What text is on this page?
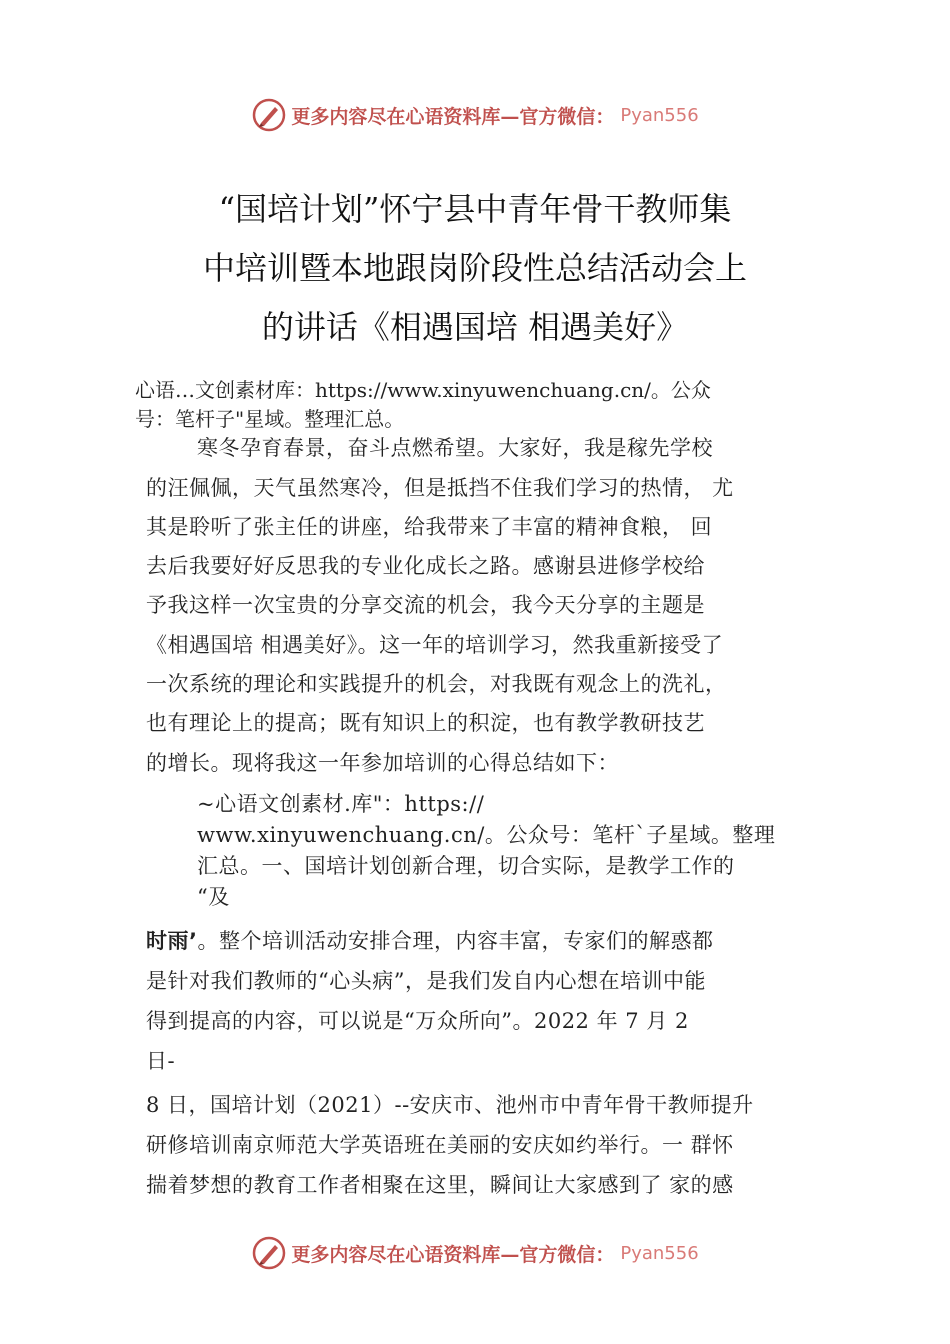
更多内容尽在心语资料库—官方微信： Pyan556
“国培计划”怀宁县中青年骨干教师集
中培训暨本地跟岗阶段性总结活动会上
的讲话《相遇国培 相遇美好》
心语…文创素材库：https://www.xinyuwenchuang.cn/。公众
号：笔杆子"星域。整理汇总。
寒冬孕育春景，奋斗点燃希望。大家好，我是稼先学校
的汪佩佩，天气虽然寒冷，但是抵挡不住我们学习的热情， 尤
其是聆听了张主任的讲座，给我带来了丰富的精神食粮， 回
去后我要好好反思我的专业化成长之路。感谢县进修学校给
予我这样一次宝贵的分享交流的机会，我今天分享的主题是
《相遇国培 相遇美好》。这一年的培训学习，然我重新接受了
一次系统的理论和实践提升的机会，对我既有观念上的洗礼，
也有理论上的提高；既有知识上的积淀，也有教学教研技艺
的增长。现将我这一年参加培训的心得总结如下：
~心语文创素材.库"：https://
www.xinyuwenchuang.cn/。公众号：笔杆`子星域。整理
汇总。一、国培计划创新合理，切合实际，是教学工作的
“及
时雨’。整个培训活动安排合理，内容丰富，专家们的解惑都
是针对我们教师的“心头病”，是我们发自内心想在培训中能
得到提高的内容，可以说是“万众所向”。2022 年 7 月 2
日-
8 日，国培计划（2021）--安庆市、池州市中青年骨干教师提升
研修培训南京师范大学英语班在美丽的安庆如约举行。一 群怀
揣着梦想的教育工作者相聚在这里，瞬间让大家感到了 家的感
更多内容尽在心语资料库—官方微信： Pyan556
